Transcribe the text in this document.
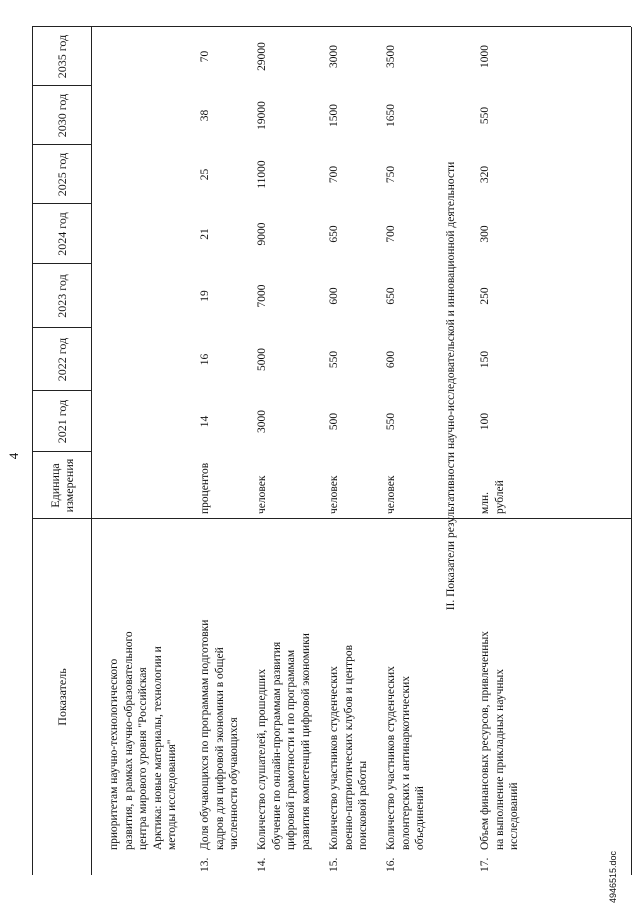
4
Показатель
Единица измерения
2021 год
2022 год
2023 год
2024 год
2025 год
2030 год
2035 год
приоритетам научно-технологического развития, в рамках научно-образовательного центра мирового уровня "Российская Арктика: новые материалы, технологии и методы исследования"
13.
Доля обучающихся по программам подготовки кадров для цифровой экономики в общей численности обучающихся
процентов
14
16
19
21
25
38
70
14.
Количество слушателей, прошедших обучение по онлайн-программам развития цифровой грамотности и по программам развития компетенций цифровой экономики
человек
3000
5000
7000
9000
11000
19000
29000
15.
Количество участников студенческих военно-патриотических клубов и центров поисковой работы
человек
500
550
600
650
700
1500
3000
16.
Количество участников студенческих волонтерских и антинаркотических объединений
человек
550
600
650
700
750
1650
3500
II. Показатели результативности научно-исследовательской и инновационной деятельности
17.
Объем финансовых ресурсов, привлеченных на выполнение прикладных научных исследований
млн. рублей
100
150
250
300
320
550
1000
4946515.doc
